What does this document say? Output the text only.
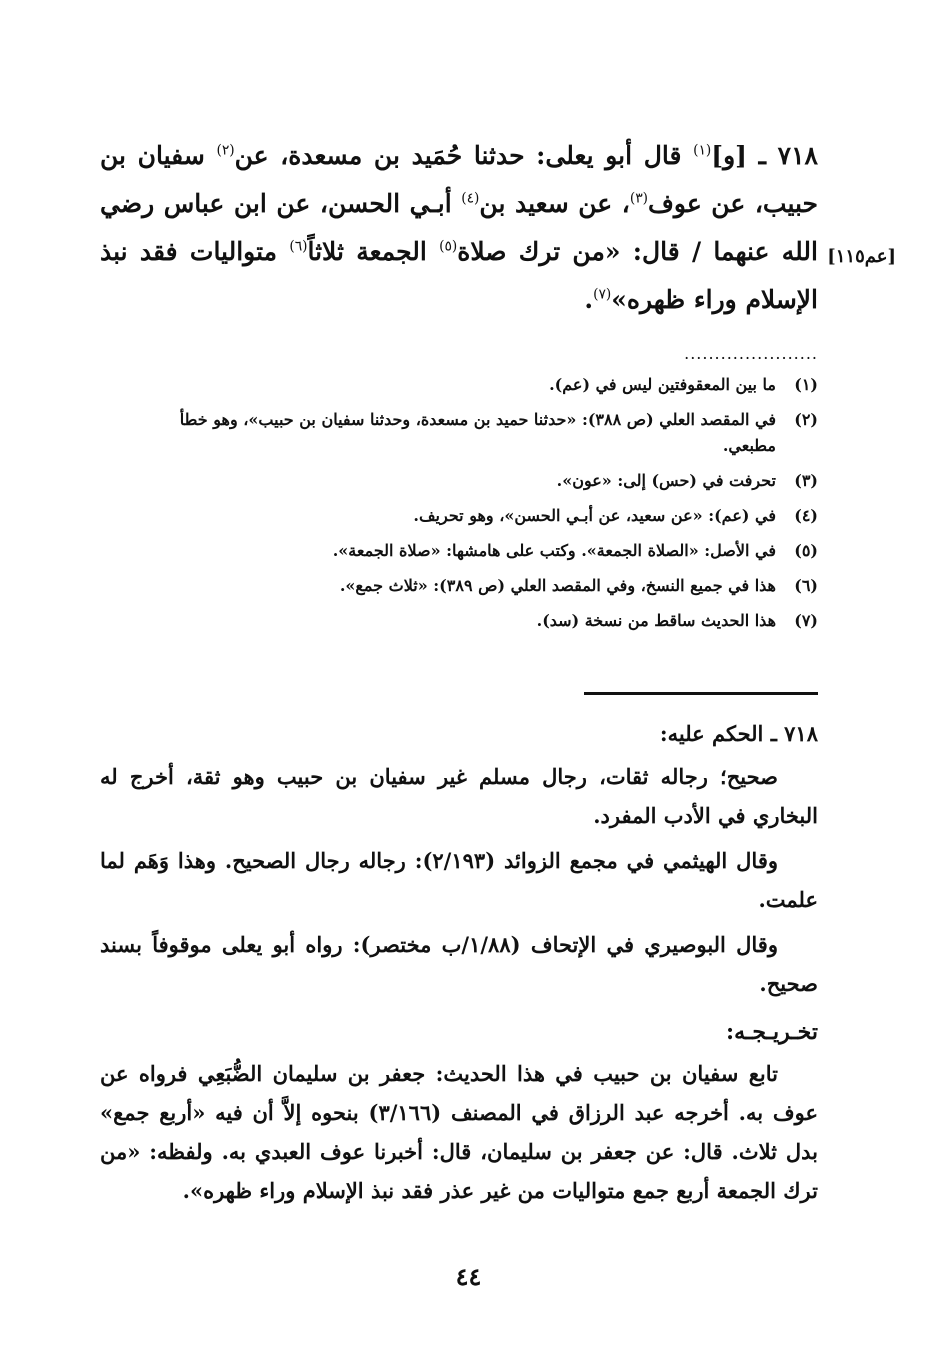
٧١٨ ـ [و]$^{(١)}$ قال أبو يعلى: حدثنا حُمَيد بن مسعدة، عن$^{(٢)}$ سفيان بن حبيب، عن عوف$^{(٣)}$، عن سعيد بن$^{(٤)}$ أبـي الحسن، عن ابن عباس رضي الله عنهما / قال: «من ترك صلاة$^{(٥)}$ الجمعة ثلاثاً$^{(٦)}$ متواليات فقد نبذ الإسلام وراء ظهره»$^{(٧)}$.
[عم١١٥]
......................
(١)
ما بين المعقوفتين ليس في (عم).
(٢)
في المقصد العلي (ص ٣٨٨): «حدثنا حميد بن مسعدة، وحدثنا سفيان بن حبيب»، وهو خطأ مطبعي.
(٣)
تحرفت في (حس) إلى: «عون».
(٤)
في (عم): «عن سعيد، عن أبـي الحسن»، وهو تحريف.
(٥)
في الأصل: «الصلاة الجمعة». وكتب على هامشها: «صلاة الجمعة».
(٦)
هذا في جميع النسخ، وفي المقصد العلي (ص ٣٨٩): «ثلاث جمع».
(٧)
هذا الحديث ساقط من نسخة (سد).
٧١٨ ـ الحكم عليه:

صحيح؛ رجاله ثقات، رجال مسلم غير سفيان بن حبيب وهو ثقة، أخرج له البخاري في الأدب المفرد.

وقال الهيثمي في مجمع الزوائد (٢/١٩٣): رجاله رجال الصحيح. وهذا وَهَم لما علمت.

وقال البوصيري في الإتحاف (١/٨٨/ب مختصر): رواه أبو يعلى موقوفاً بسند صحيح.

تخـريـجـه:

تابع سفيان بن حبيب في هذا الحديث: جعفر بن سليمان الضُّبَعِي فرواه عن عوف به. أخرجه عبد الرزاق في المصنف (٣/١٦٦) بنحوه إلاَّ أن فيه «أربع جمع» بدل ثلاث. قال: عن جعفر بن سليمان، قال: أخبرنا عوف العبدي به. ولفظه: «من ترك الجمعة أربع جمع متواليات من غير عذر فقد نبذ الإسلام وراء ظهره».

٤٤
